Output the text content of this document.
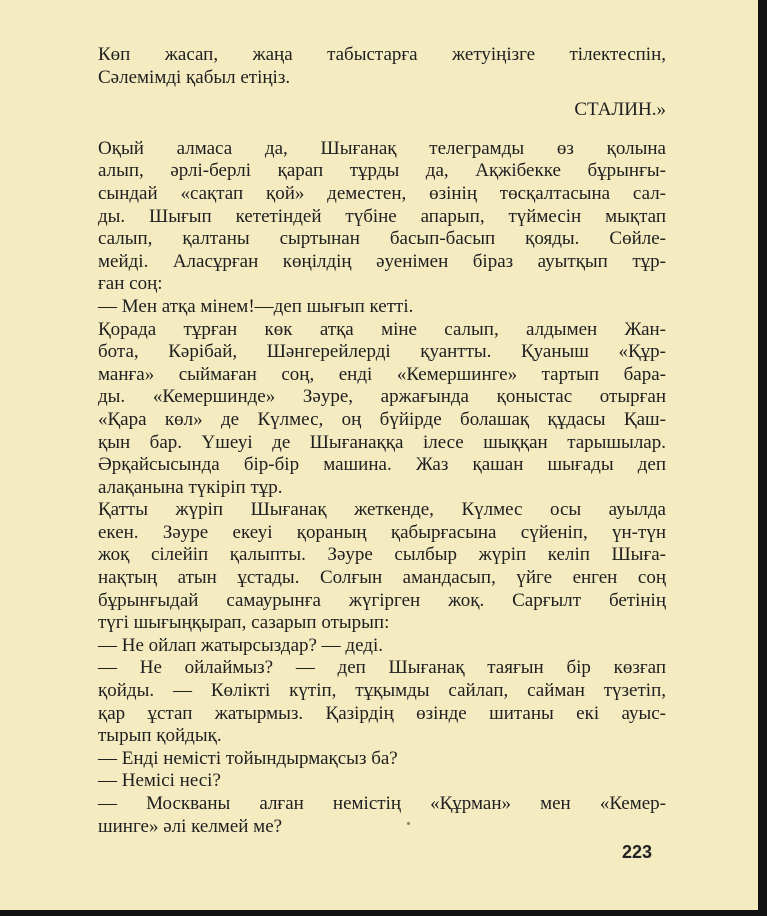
Көп жасап, жаңа табыстарға жетуіңізге тілектеспін,
Сәлемімді қабыл етіңіз.
СТАЛИН.»
Оқый алмаса да, Шығанақ телеграмды өз қолына
алып, әрлі-берлі қарап тұрды да, Ақжібекке бұрынғы-
сындай «сақтап қой» деместен, өзінің төсқалтасына сал-
ды. Шығып кететіндей түбіне апарып, түймесін мықтап
салып, қалтаны сыртынан басып-басып қояды. Сөйле-
мейді. Аласұрған көңілдің әуенімен біраз ауытқып тұр-
ған соң:
— Мен атқа мінем!—деп шығып кетті.
Қорада тұрған көк атқа міне салып, алдымен Жан-
бота, Кәрібай, Шәнгерейлерді қуантты. Қуаныш «Құр-
манға» сыймаған соң, енді «Кемершинге» тартып бара-
ды. «Кемершинде» Зәуре, аржағында қоныстас отырған
«Қара көл» де Күлмес, оң бүйірде болашақ құдасы Қаш-
қын бар. Үшеуі де Шығанаққа ілесе шыққан тарышылар.
Әрқайсысында бір-бір машина. Жаз қашан шығады деп
алақанына түкіріп тұр.
Қатты жүріп Шығанақ жеткенде, Күлмес осы ауылда
екен. Зәуре екеуі қораның қабырғасына сүйеніп, үн-түн
жоқ сілейіп қалыпты. Зәуре сылбыр жүріп келіп Шыға-
нақтың атын ұстады. Солғын амандасып, үйге енген соң
бұрынғыдай самаурынға жүгірген жоқ. Сарғылт бетінің
түгі шығыңқырап, сазарып отырып:
— Не ойлап жатырсыздар? — деді.
— Не ойлаймыз? — деп Шығанақ таяғын бір көзғап
қойды. — Көлікті күтіп, тұқымды сайлап, сайман түзетіп,
қар ұстап жатырмыз. Қазірдің өзінде шитаны екі ауыс-
тырып қойдық.
— Енді немісті тойындырмақсыз ба?
— Немісі несі?
— Москваны алған немістің «Құрман» мен «Кемер-
шинге» әлі келмей ме?
223
